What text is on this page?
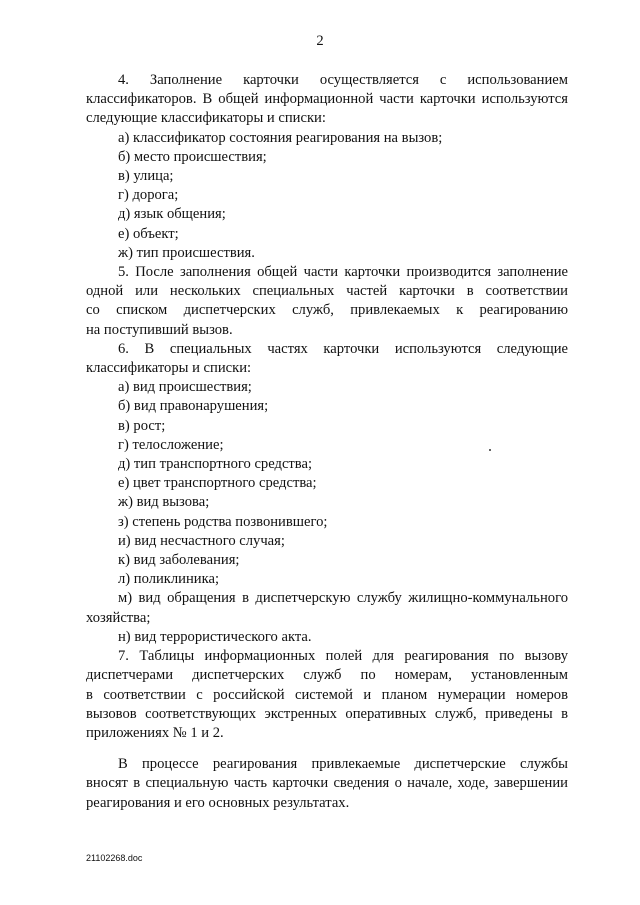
2
4. Заполнение карточки осуществляется с использованием
классификаторов. В общей информационной части карточки используются
следующие классификаторы и списки:
а) классификатор состояния реагирования на вызов;
б) место происшествия;
в) улица;
г) дорога;
д) язык общения;
е) объект;
ж) тип происшествия.
5. После заполнения общей части карточки производится заполнение
одной или нескольких специальных частей карточки в соответствии
со списком диспетчерских служб, привлекаемых к реагированию
на поступивший вызов.
6. В специальных частях карточки используются следующие
классификаторы и списки:
а) вид происшествия;
б) вид правонарушения;
в) рост;
г) телосложение;
д) тип транспортного средства;
е) цвет транспортного средства;
ж) вид вызова;
з) степень родства позвонившего;
и) вид несчастного случая;
к) вид заболевания;
л) поликлиника;
м) вид обращения в диспетчерскую службу жилищно-коммунального
хозяйства;
н) вид террористического акта.
7. Таблицы информационных полей для реагирования по вызову
диспетчерами диспетчерских служб по номерам, установленным
в соответствии с российской системой и планом нумерации номеров
вызовов соответствующих экстренных оперативных служб, приведены в
приложениях № 1 и 2.
В процессе реагирования привлекаемые диспетчерские службы
вносят в специальную часть карточки сведения о начале, ходе, завершении
реагирования и его основных результатах.
21102268.doc
